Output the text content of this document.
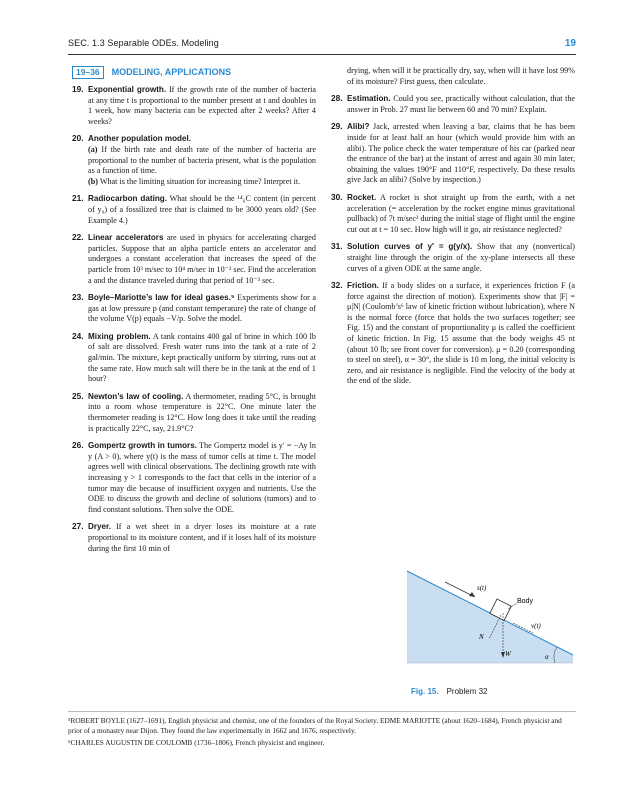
SEC. 1.3 Separable ODEs. Modeling	19
19–36 MODELING, APPLICATIONS

19. Exponential growth. If the growth rate of the number of bacteria at any time t is proportional to the number present at t and doubles in 1 week, how many bacteria can be expected after 2 weeks? After 4 weeks?

20. Another population model.

(a) If the birth rate and death rate of the number of bacteria are proportional to the number of bacteria present, what is the population as a function of time.

(b) What is the limiting situation for increasing time? Interpret it.

21. Radiocarbon dating. What should be the ¹⁴₆C content (in percent of y₀) of a fossilized tree that is claimed to be 3000 years old? (See Example 4.)

22. Linear accelerators are used in physics for accelerating charged particles. Suppose that an alpha particle enters an accelerator and undergoes a constant acceleration that increases the speed of the particle from 10³ m/sec to 10⁴ m/sec in 10⁻³ sec. Find the acceleration a and the distance traveled during that period of 10⁻³ sec.

23. Boyle–Mariotte’s law for ideal gases.⁵ Experiments show for a gas at low pressure p (and constant temperature) the rate of change of the volume V(p) equals −V/p. Solve the model.

24. Mixing problem. A tank contains 400 gal of brine in which 100 lb of salt are dissolved. Fresh water runs into the tank at a rate of 2 gal/min. The mixture, kept practically uniform by stirring, runs out at the same rate. How much salt will there be in the tank at the end of 1 hour?

25. Newton’s law of cooling. A thermometer, reading 5°C, is brought into a room whose temperature is 22°C. One minute later the thermometer reading is 12°C. How long does it take until the reading is practically 22°C, say, 21.9°C?

26. Gompertz growth in tumors. The Gompertz model is y′ = −Ay ln y (A > 0), where y(t) is the mass of tumor cells at time t. The model agrees well with clinical observations. The declining growth rate with increasing y > 1 corresponds to the fact that cells in the interior of a tumor may die because of insufficient oxygen and nutrients. Use the ODE to discuss the growth and decline of solutions (tumors) and to find constant solutions. Then solve the ODE.

27. Dryer. If a wet sheet in a dryer loses its moisture at a rate proportional to its moisture content, and if it loses half of its moisture during the first 10 min of

drying, when will it be practically dry, say, when will it have lost 99% of its moisture? First guess, then calculate.

28. Estimation. Could you see, practically without calculation, that the answer in Prob. 27 must lie between 60 and 70 min? Explain.

29. Alibi? Jack, arrested when leaving a bar, claims that he has been inside for at least half an hour (which would provide him with an alibi). The police check the water temperature of his car (parked near the entrance of the bar) at the instant of arrest and again 30 min later, obtaining the values 190°F and 110°F, respectively. Do these results give Jack an alibi? (Solve by inspection.)

30. Rocket. A rocket is shot straight up from the earth, with a net acceleration (= acceleration by the rocket engine minus gravitational pullback) of 7t m/sec² during the initial stage of flight until the engine cut out at t = 10 sec. How high will it go, air resistance neglected?

31. Solution curves of y′ = g(y/x). Show that any (nonvertical) straight line through the origin of the xy-plane intersects all these curves of a given ODE at the same angle.

32. Friction. If a body slides on a surface, it experiences friction F (a force against the direction of motion). Experiments show that |F| = μ|N| (Coulomb’s⁶ law of kinetic friction without lubrication), where N is the normal force (force that holds the two surfaces together; see Fig. 15) and the constant of proportionality μ is called the coefficient of kinetic friction. In Fig. 15 assume that the body weighs 45 nt (about 10 lb; see front cover for conversion). μ = 0.20 (corresponding to steel on steel), α = 30°, the slide is 10 m long, the initial velocity is zero, and air resistance is negligible. Find the velocity of the body at the end of the slide.

s(t)
Body
v(t)
N
W	α
Fig. 15. Problem 32

⁵ROBERT BOYLE (1627–1691), English physicist and chemist, one of the founders of the Royal Society. EDME MARIOTTE (about 1620–1684), French physicist and prior of a monastry near Dijon. They found the law experimentally in 1662 and 1676, respectively.

⁶CHARLES AUGUSTIN DE COULOMB (1736–1806), French physicist and engineer.
